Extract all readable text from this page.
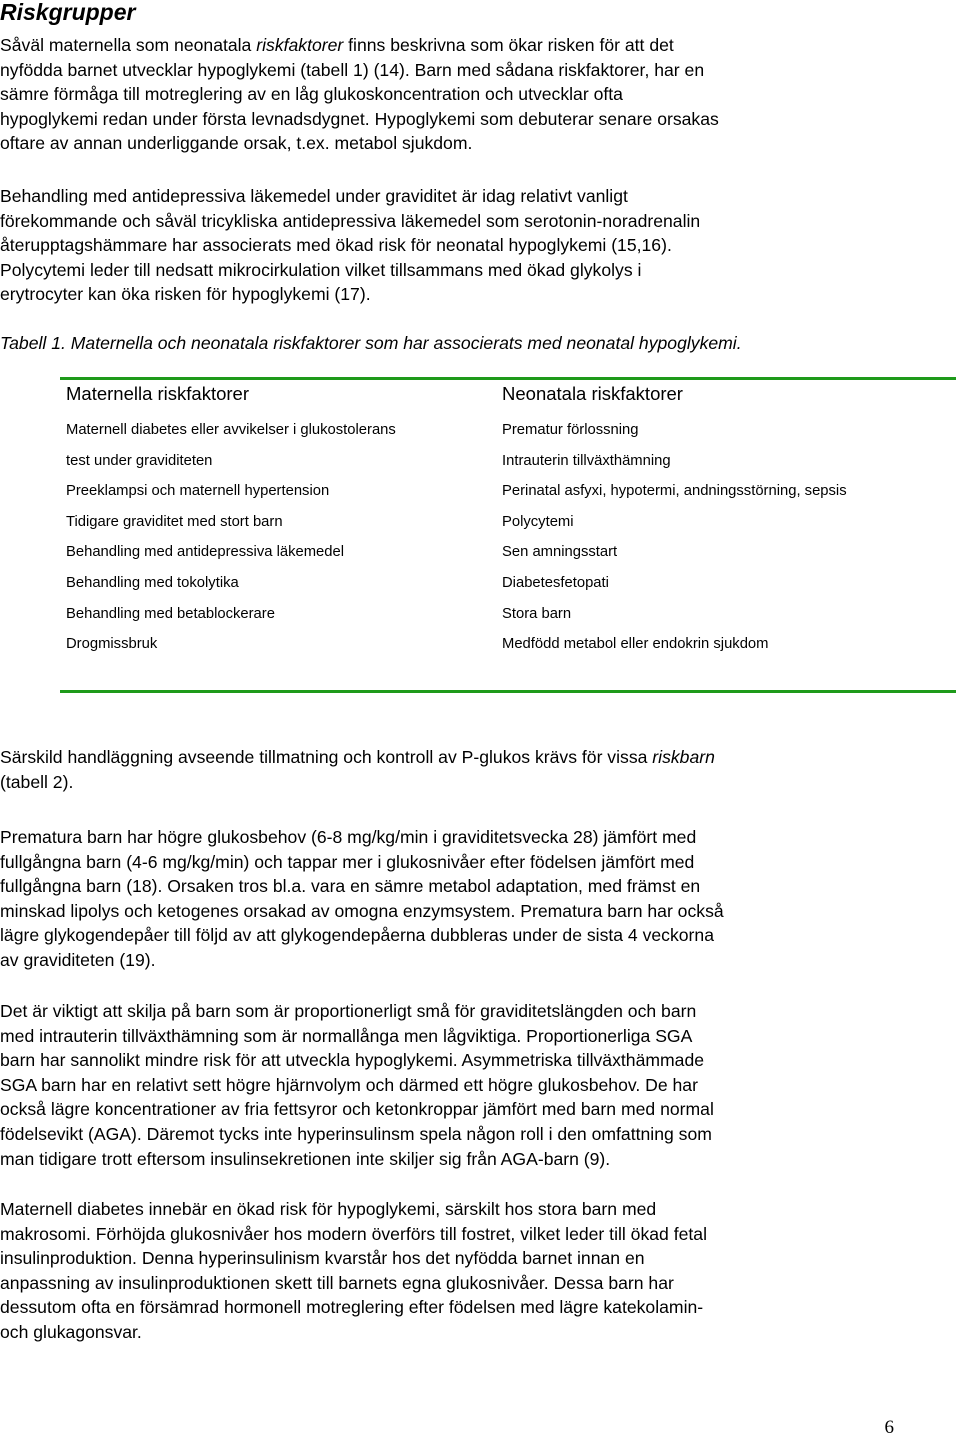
Riskgrupper

Såväl maternella som neonatala riskfaktorer finns beskrivna som ökar risken för att det
nyfödda barnet utvecklar hypoglykemi (tabell 1) (14). Barn med sådana riskfaktorer, har en
sämre förmåga till motreglering av en låg glukoskoncentration och utvecklar ofta
hypoglykemi redan under första levnadsdygnet. Hypoglykemi som debuterar senare orsakas
oftare av annan underliggande orsak, t.ex. metabol sjukdom.

Behandling med antidepressiva läkemedel under graviditet är idag relativt vanligt
förekommande och såväl tricykliska antidepressiva läkemedel som serotonin-noradrenalin
återupptagshämmare har associerats med ökad risk för neonatal hypoglykemi (15,16).
Polycytemi leder till nedsatt mikrocirkulation vilket tillsammans med ökad glykolys i
erytrocyter kan öka risken för hypoglykemi (17).

Tabell 1. Maternella och neonatala riskfaktorer som har associerats med neonatal hypoglykemi.

Maternella riskfaktorer
Maternell diabetes eller avvikelser i glukostolerans
test under graviditeten
Preeklampsi och maternell hypertension
Tidigare graviditet med stort barn
Behandling med antidepressiva läkemedel
Behandling med tokolytika
Behandling med betablockerare
Drogmissbruk
Neonatala riskfaktorer
Prematur förlossning
Intrauterin tillväxthämning
Perinatal asfyxi, hypotermi, andningsstörning, sepsis
Polycytemi
Sen amningsstart
Diabetesfetopati
Stora barn
Medfödd metabol eller endokrin sjukdom

Särskild handläggning avseende tillmatning och kontroll av P-glukos krävs för vissa riskbarn
(tabell 2).

Prematura barn har högre glukosbehov (6-8 mg/kg/min i graviditetsvecka 28) jämfört med
fullgångna barn (4-6 mg/kg/min) och tappar mer i glukosnivåer efter födelsen jämfört med
fullgångna barn (18). Orsaken tros bl.a. vara en sämre metabol adaptation, med främst en
minskad lipolys och ketogenes orsakad av omogna enzymsystem. Prematura barn har också
lägre glykogendepåer till följd av att glykogendepåerna dubbleras under de sista 4 veckorna
av graviditeten (19).

Det är viktigt att skilja på barn som är proportionerligt små för graviditetslängden och barn
med intrauterin tillväxthämning som är normallånga men lågviktiga. Proportionerliga SGA
barn har sannolikt mindre risk för att utveckla hypoglykemi. Asymmetriska tillväxthämmade
SGA barn har en relativt sett högre hjärnvolym och därmed ett högre glukosbehov. De har
också lägre koncentrationer av fria fettsyror och ketonkroppar jämfört med barn med normal
födelsevikt (AGA). Däremot tycks inte hyperinsulinsm spela någon roll i den omfattning som
man tidigare trott eftersom insulinsekretionen inte skiljer sig från AGA-barn (9).

Maternell diabetes innebär en ökad risk för hypoglykemi, särskilt hos stora barn med
makrosomi. Förhöjda glukosnivåer hos modern överförs till fostret, vilket leder till ökad fetal
insulinproduktion. Denna hyperinsulinism kvarstår hos det nyfödda barnet innan en
anpassning av insulinproduktionen skett till barnets egna glukosnivåer. Dessa barn har
dessutom ofta en försämrad hormonell motreglering efter födelsen med lägre katekolamin-
och glukagonsvar.

6
